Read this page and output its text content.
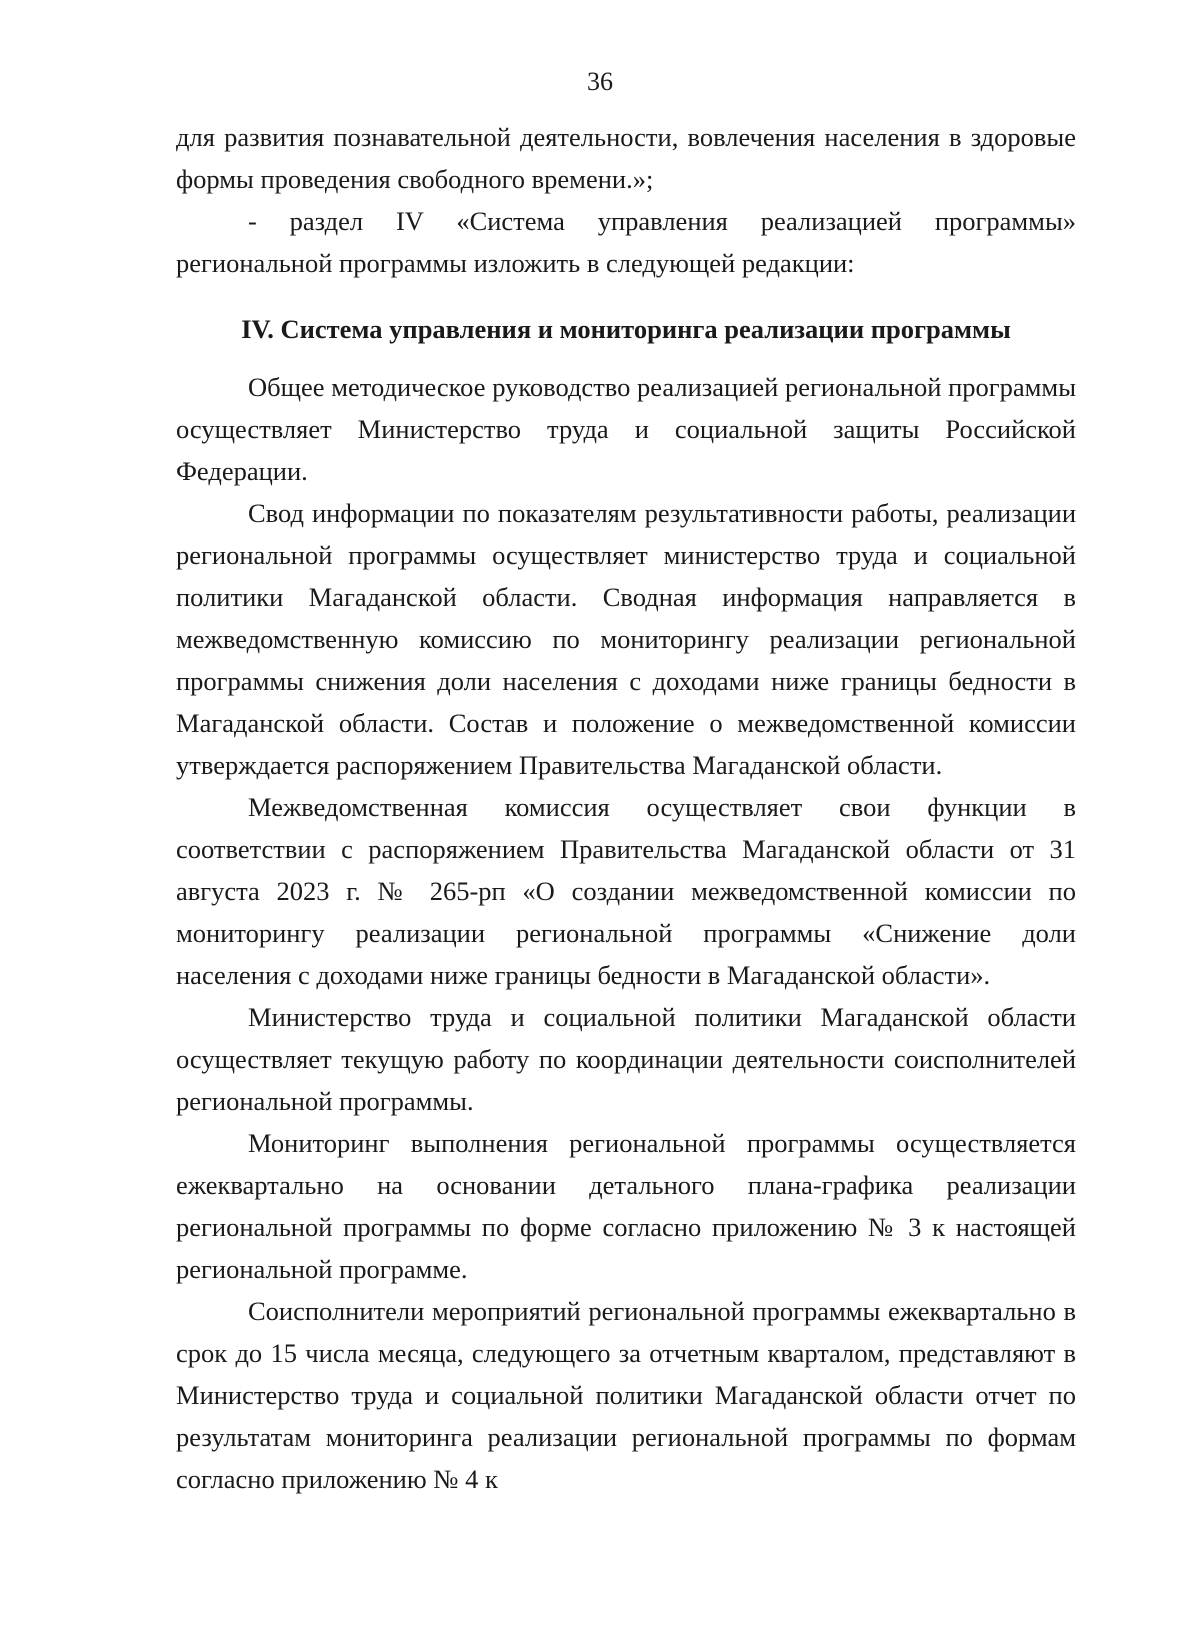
36

для развития познавательной деятельности, вовлечения населения в здоровые формы проведения свободного времени.»;

- раздел IV «Система управления реализацией программы» региональной программы изложить в следующей редакции:

IV. Система управления и мониторинга реализации программы

Общее методическое руководство реализацией региональной программы осуществляет Министерство труда и социальной защиты Российской Федерации.

Свод информации по показателям результативности работы, реализации региональной программы осуществляет министерство труда и социальной политики Магаданской области. Сводная информация направляется в межведомственную комиссию по мониторингу реализации региональной программы снижения доли населения с доходами ниже границы бедности в Магаданской области. Состав и положение о межведомственной комиссии утверждается распоряжением Правительства Магаданской области.

Межведомственная комиссия осуществляет свои функции в соответствии с распоряжением Правительства Магаданской области от 31 августа 2023 г. № 265-рп «О создании межведомственной комиссии по мониторингу реализации региональной программы «Снижение доли населения с доходами ниже границы бедности в Магаданской области».

Министерство труда и социальной политики Магаданской области осуществляет текущую работу по координации деятельности соисполнителей региональной программы.

Мониторинг выполнения региональной программы осуществляется ежеквартально на основании детального плана-графика реализации региональной программы по форме согласно приложению № 3 к настоящей региональной программе.

Соисполнители мероприятий региональной программы ежеквартально в срок до 15 числа месяца, следующего за отчетным кварталом, представляют в Министерство труда и социальной политики Магаданской области отчет по результатам мониторинга реализации региональной программы по формам согласно приложению № 4 к
